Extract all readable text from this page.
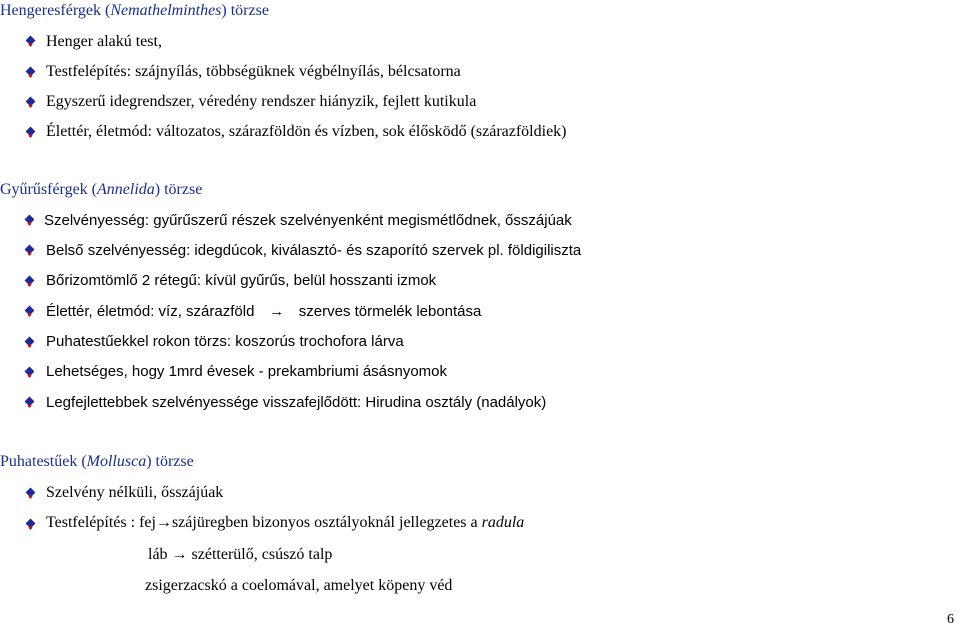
Hengeresférgek (Nemathelminthes) törzse
Henger alakú test,
Testfelépítés: szájnyílás, többségüknek végbélnyílás, bélcsatorna
Egyszerű idegrendszer, véredény rendszer hiányzik, fejlett kutikula
Élettér, életmód: változatos, szárazföldön és vízben, sok élősködő (szárazföldiek)
Gyűrűsférgek (Annelida) törzse
Szelvényesség: gyűrűszerű részek szelvényenként megismétlődnek, ősszájúak
Belső szelvényesség: idegdúcok, kiválasztó- és szaporító szervek pl. földigiliszta
Bőrizomtömlő 2 rétegű: kívül gyűrűs, belül hosszanti izmok
Élettér, életmód: víz, szárazföld → szerves törmelék lebontása
Puhatestűekkel rokon törzs: koszorús trochofora lárva
Lehetséges, hogy 1mrd évesek - prekambriumi ásásnyomok
Legfejlettebbek szelvényessége visszafejlődött: Hirudina osztály (nadályok)
Puhatestűek (Mollusca) törzse
Szelvény nélküli, ősszájúak
Testfelépítés : fej→szájüregben bizonyos osztályoknál jellegzetes a radula
láb → szétterülő, csúszó talp
zsigerzacskó a coelomával, amelyet köpeny véd
6
